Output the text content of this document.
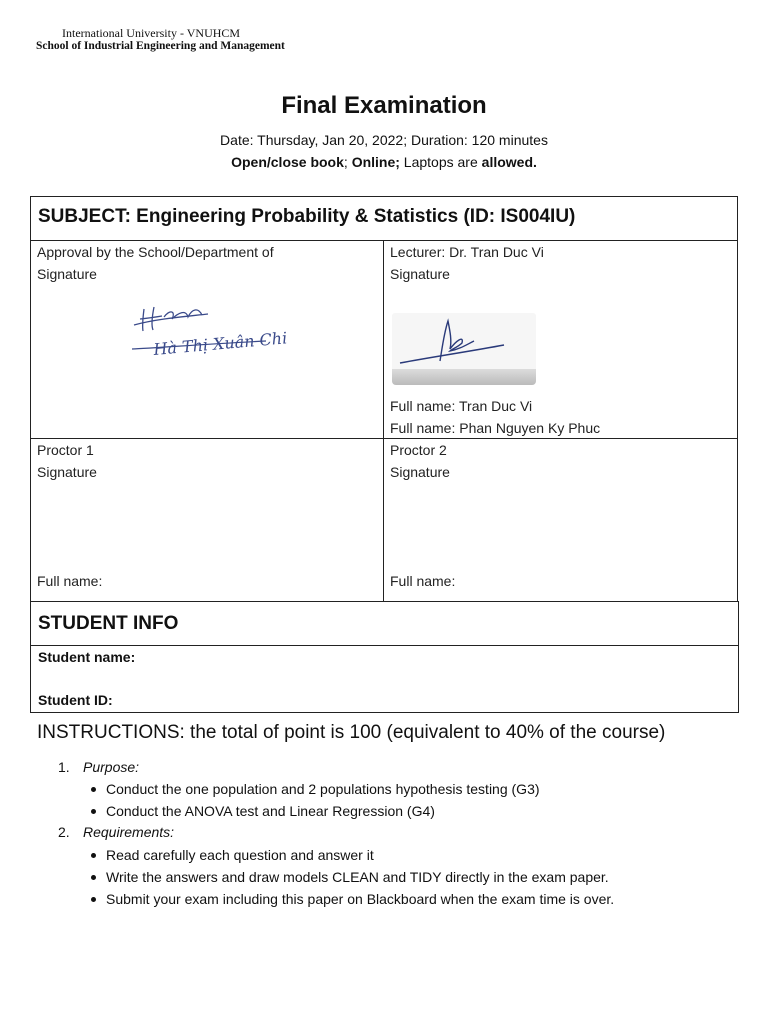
International University - VNUHCM
School of Industrial Engineering and Management
Final Examination
Date: Thursday, Jan 20, 2022; Duration: 120 minutes
Open/close book; Online; Laptops are allowed.
SUBJECT: Engineering Probability & Statistics (ID: IS004IU)
Approval by the School/Department of
Signature
Hà Thị Xuân Chi
Lecturer: Dr. Tran Duc Vi
Signature
Full name: Tran Duc Vi
Full name: Phan Nguyen Ky Phuc
Proctor 1
Signature
Full name:
Proctor 2
Signature
Full name:
STUDENT INFO
Student name:
Student ID:
INSTRUCTIONS: the total of point is 100 (equivalent to 40% of the course)
1. Purpose:
Conduct the one population and 2 populations hypothesis testing (G3)
Conduct the ANOVA test and Linear Regression (G4)
2. Requirements:
Read carefully each question and answer it
Write the answers and draw models CLEAN and TIDY directly in the exam paper.
Submit your exam including this paper on Blackboard when the exam time is over.
